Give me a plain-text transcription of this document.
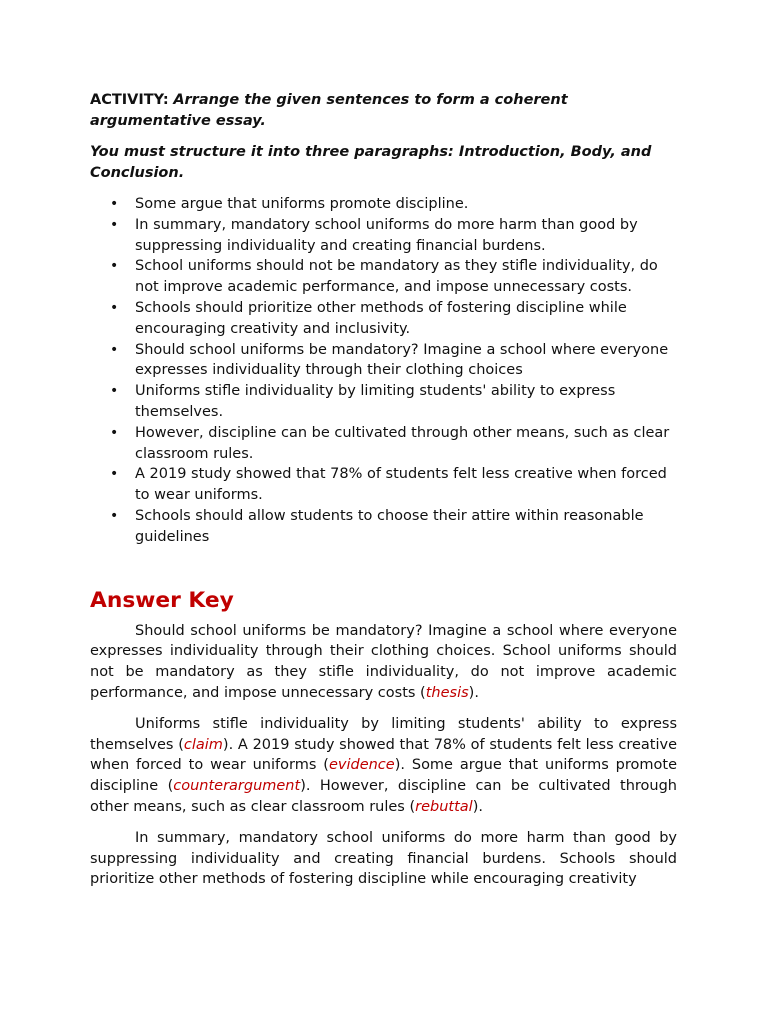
ACTIVITY: Arrange the given sentences to form a coherent argumentative essay.

You must structure it into three paragraphs: Introduction, Body, and Conclusion.

• Some argue that uniforms promote discipline.
• In summary, mandatory school uniforms do more harm than good by suppressing individuality and creating financial burdens.
• School uniforms should not be mandatory as they stifle individuality, do not improve academic performance, and impose unnecessary costs.
• Schools should prioritize other methods of fostering discipline while encouraging creativity and inclusivity.
• Should school uniforms be mandatory? Imagine a school where everyone expresses individuality through their clothing choices
• Uniforms stifle individuality by limiting students' ability to express themselves.
• However, discipline can be cultivated through other means, such as clear classroom rules.
• A 2019 study showed that 78% of students felt less creative when forced to wear uniforms.
• Schools should allow students to choose their attire within reasonable guidelines
Answer Key

Should school uniforms be mandatory? Imagine a school where everyone expresses individuality through their clothing choices. School uniforms should not be mandatory as they stifle individuality, do not improve academic performance, and impose unnecessary costs (thesis).

Uniforms stifle individuality by limiting students' ability to express themselves (claim). A 2019 study showed that 78% of students felt less creative when forced to wear uniforms (evidence). Some argue that uniforms promote discipline (counterargument). However, discipline can be cultivated through other means, such as clear classroom rules (rebuttal).

In summary, mandatory school uniforms do more harm than good by suppressing individuality and creating financial burdens. Schools should prioritize other methods of fostering discipline while encouraging creativity
